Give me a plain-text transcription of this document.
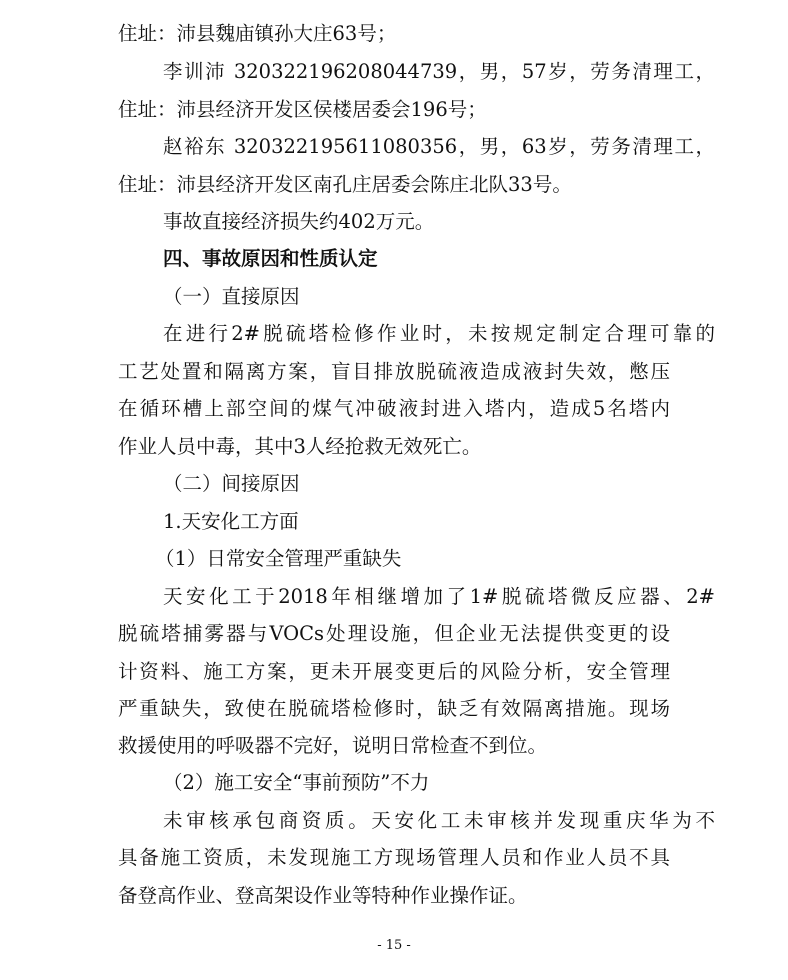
住址：沛县魏庙镇孙大庄63号；
李训沛 320322196208044739，男，57岁，劳务清理工，
住址：沛县经济开发区侯楼居委会196号；
赵裕东 320322195611080356，男，63岁，劳务清理工，
住址：沛县经济开发区南孔庄居委会陈庄北队33号。
事故直接经济损失约402万元。
四、事故原因和性质认定
（一）直接原因
在进行2#脱硫塔检修作业时，未按规定制定合理可靠的
工艺处置和隔离方案，盲目排放脱硫液造成液封失效，憋压
在循环槽上部空间的煤气冲破液封进入塔内，造成5名塔内
作业人员中毒，其中3人经抢救无效死亡。
（二）间接原因
1.天安化工方面
（1）日常安全管理严重缺失
天安化工于2018年相继增加了1#脱硫塔微反应器、2#
脱硫塔捕雾器与VOCs处理设施，但企业无法提供变更的设
计资料、施工方案，更未开展变更后的风险分析，安全管理
严重缺失，致使在脱硫塔检修时，缺乏有效隔离措施。现场
救援使用的呼吸器不完好，说明日常检查不到位。
（2）施工安全“事前预防”不力
未审核承包商资质。天安化工未审核并发现重庆华为不
具备施工资质，未发现施工方现场管理人员和作业人员不具
备登高作业、登高架设作业等特种作业操作证。
- 15 -
